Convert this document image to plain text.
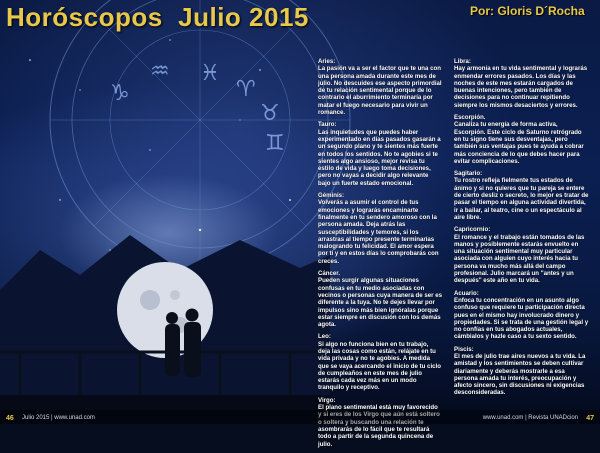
♓
♈
♉
♒
♑
♊
Horóscopos  Julio 2015	Por: Gloris D´Rocha
Aries:
La pasión va a ser el factor que te una con una persona amada durante este mes de julio. No descuides ese aspecto primordial de tu relación sentimental porque de lo contrario el aburrimiento terminaría por matar el fuego necesario para vivir un romance.
Tauro:
Las inquietudes que puedes haber experimentado en días pasados gasarán a un segundo plano y te sientes más fuerte en todos los sentidos. No te agobies si te sientes algo ansioso, mejor revisa tu estilo de vida y luego toma decisiones, pero no vayas a decidir algo relevante bajo un fuerte estado emocional.
Géminis:
Volverás a asumir el control de tus emociones y lograrás encaminarte finalmente en tu sendero amoroso con la persona amada. Deja atrás las susceptibilidades y temores, si los arrastras al tiempo presente terminarías malogrando tu felicidad. El amor espera por ti y en estos días lo comprobarás con creces.
Cáncer.
Pueden surgir algunas situaciones confusas en tu medio asociadas con vecinos o personas cuya manera de ser es diferente a la tuya. No te dejes llevar por impulsos sino más bien ignóralas porque estar siempre en discusión con los demás agota.
Leo:
Si algo no funciona bien en tu trabajo, deja las cosas como están, relájate en tu vida privada y no te agobies. A medida que se vaya acercando el inicio de tu ciclo de cumpleaños en este mes de julio estarás cada vez más en un modo tranquilo y receptivo.
Virgo:
El plano sentimental está muy favorecido y si eres de los Virgo que aún está soltero o soltera y buscando una relación te asombrarás de lo fácil que te resultará todo a partir de la segunda quincena de julio.
Libra:
Hay armonía en tu vida sentimental y lograrás enmendar errores pasados. Los días y las noches de este mes estarán cargados de buenas intenciones, pero también de decisiones para no continuar repitiendo siempre los mismos desaciertos y errores.
Escorpión.
Canaliza tu energía de forma activa, Escorpión. Este ciclo de Saturno retrógrado en tu signo tiene sus desventajas, pero también sus ventajas pues te ayuda a cobrar más conciencia de lo que debes hacer para evitar complicaciones.
Sagitario:
Tu rostro refleja fielmente tus estados de ánimo y si no quieres que tu pareja se entere de cierto desliz o secreto, lo mejor es tratar de pasar el tiempo en alguna actividad divertida, ir a bailar, al teatro, cine o un espectáculo al aire libre.
Capricornio:
El romance y el trabajo están tomados de las manos y posiblemente estarás envuelto en una situación sentimental muy particular asociada con alguien cuyo interés hacia tu persona va mucho más allá del campo profesional. Julio marcará un "antes y un después" este año en tu vida.
Acuario:
Enfoca tu concentración en un asunto algo confuso que requiere tu participación directa pues en el mismo hay involucrado dinero y propiedades. Si se trata de una gestión legal y no confías en tus abogados actuales, cámbialos y hazle caso a tu sexto sentido.
Piscis:
El mes de julio trae aires nuevos a tu vida. La amistad y los sentimientos se deben cultivar diariamente y deberás mostrarle a esa persona amada tu interés, preocupación y afecto sincero, sin discusiones ni exigencias desconsideradas.
46 Julio 2015 | www.unad.com	www.unad.com | Revista UNADcion 47
